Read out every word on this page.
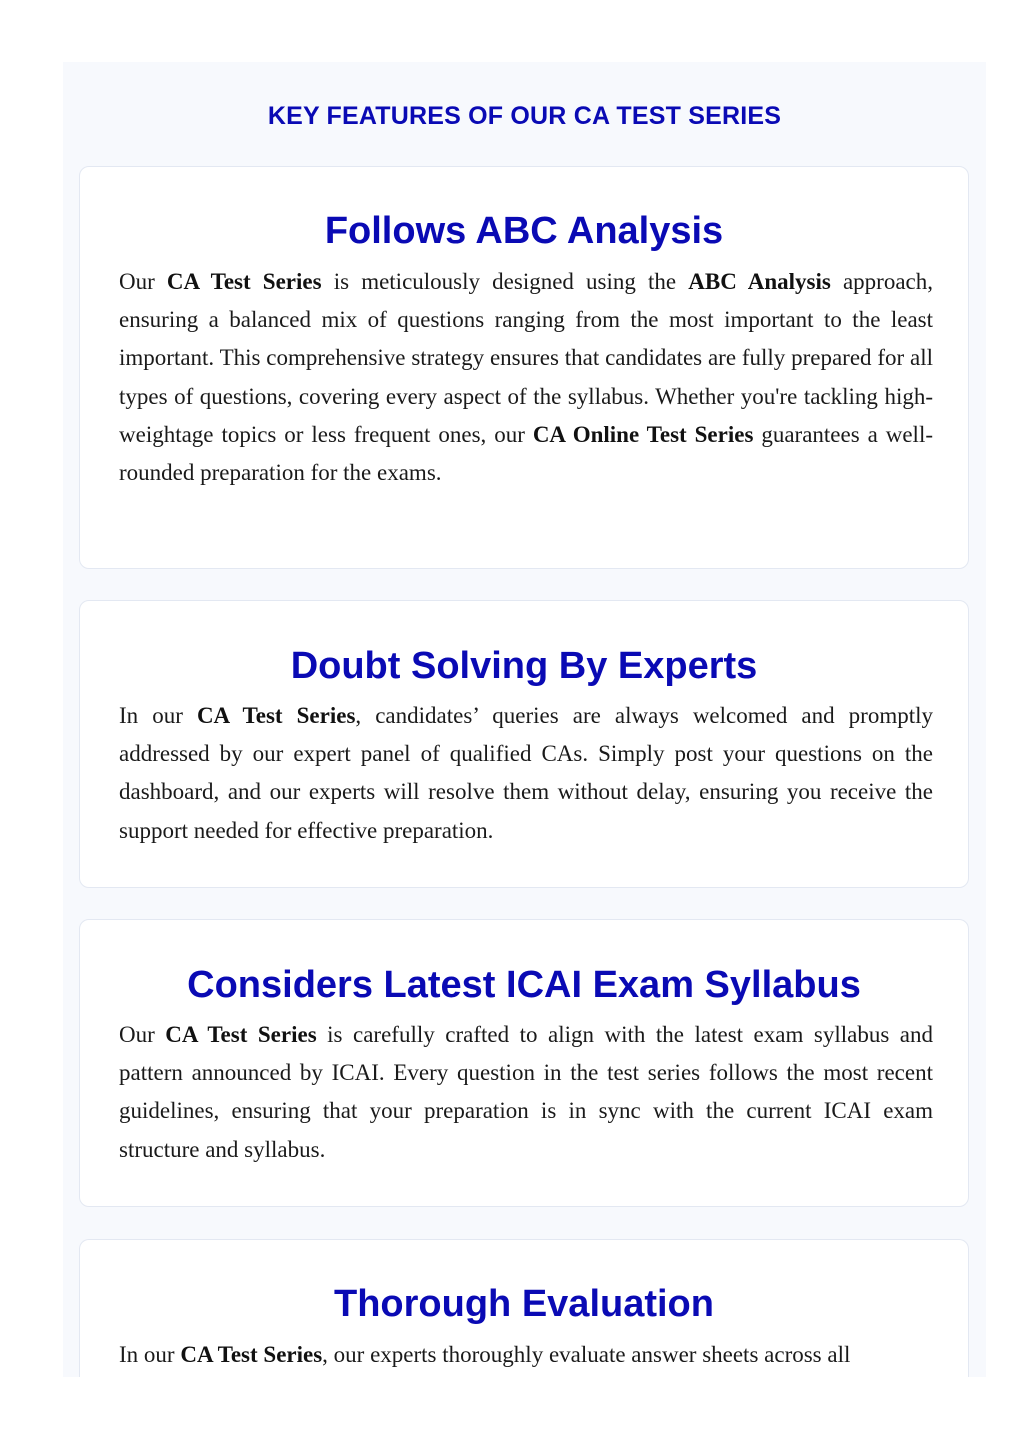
KEY FEATURES OF OUR CA TEST SERIES
Follows ABC Analysis

Our CA Test Series is meticulously designed using the ABC Analysis approach, ensuring a balanced mix of questions ranging from the most important to the least important. This comprehensive strategy ensures that candidates are fully prepared for all types of questions, covering every aspect of the syllabus. Whether you're tackling high-weightage topics or less frequent ones, our CA Online Test Series guarantees a well-rounded preparation for the exams.

Doubt Solving By Experts

In our CA Test Series, candidates’ queries are always welcomed and promptly addressed by our expert panel of qualified CAs. Simply post your questions on the dashboard, and our experts will resolve them without delay, ensuring you receive the support needed for effective preparation.

Considers Latest ICAI Exam Syllabus

Our CA Test Series is carefully crafted to align with the latest exam syllabus and pattern announced by ICAI. Every question in the test series follows the most recent guidelines, ensuring that your preparation is in sync with the current ICAI exam structure and syllabus.

Thorough Evaluation

In our CA Test Series, our experts thoroughly evaluate answer sheets across all
